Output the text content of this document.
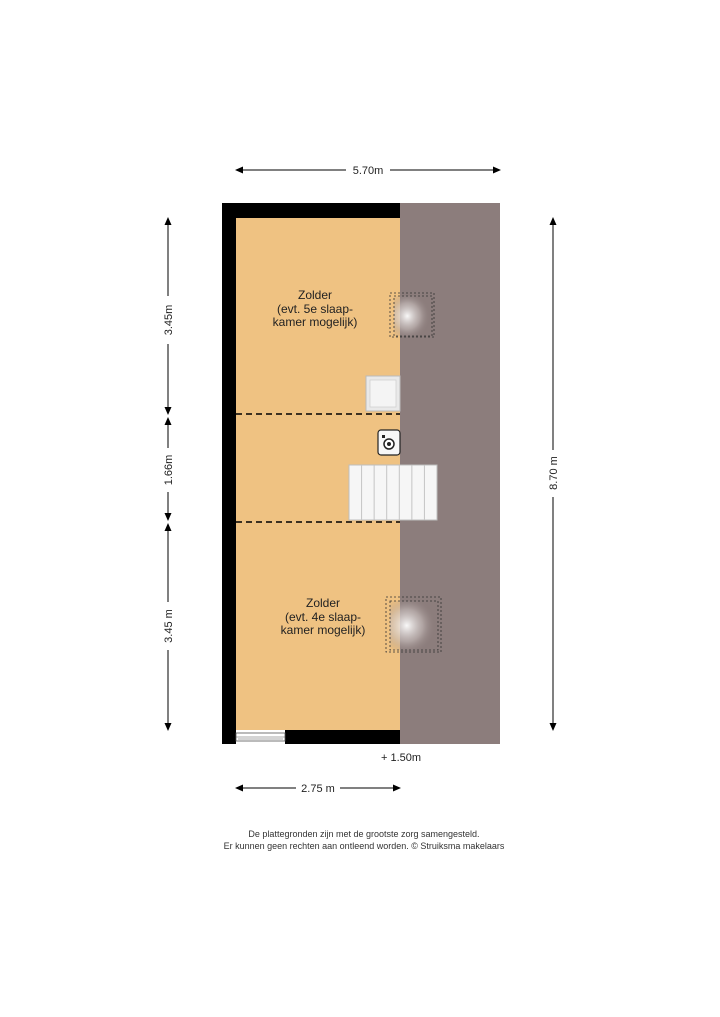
Zolder
(evt. 5e slaap-
kamer mogelijk)
Zolder
(evt. 4e slaap-
kamer mogelijk)
5.70m
8.70 m
3.45m
1.66m
3.45 m
+ 1.50m
2.75 m
De plattegronden zijn met de grootste zorg samengesteld.
Er kunnen geen rechten aan ontleend worden. © Struiksma makelaars
